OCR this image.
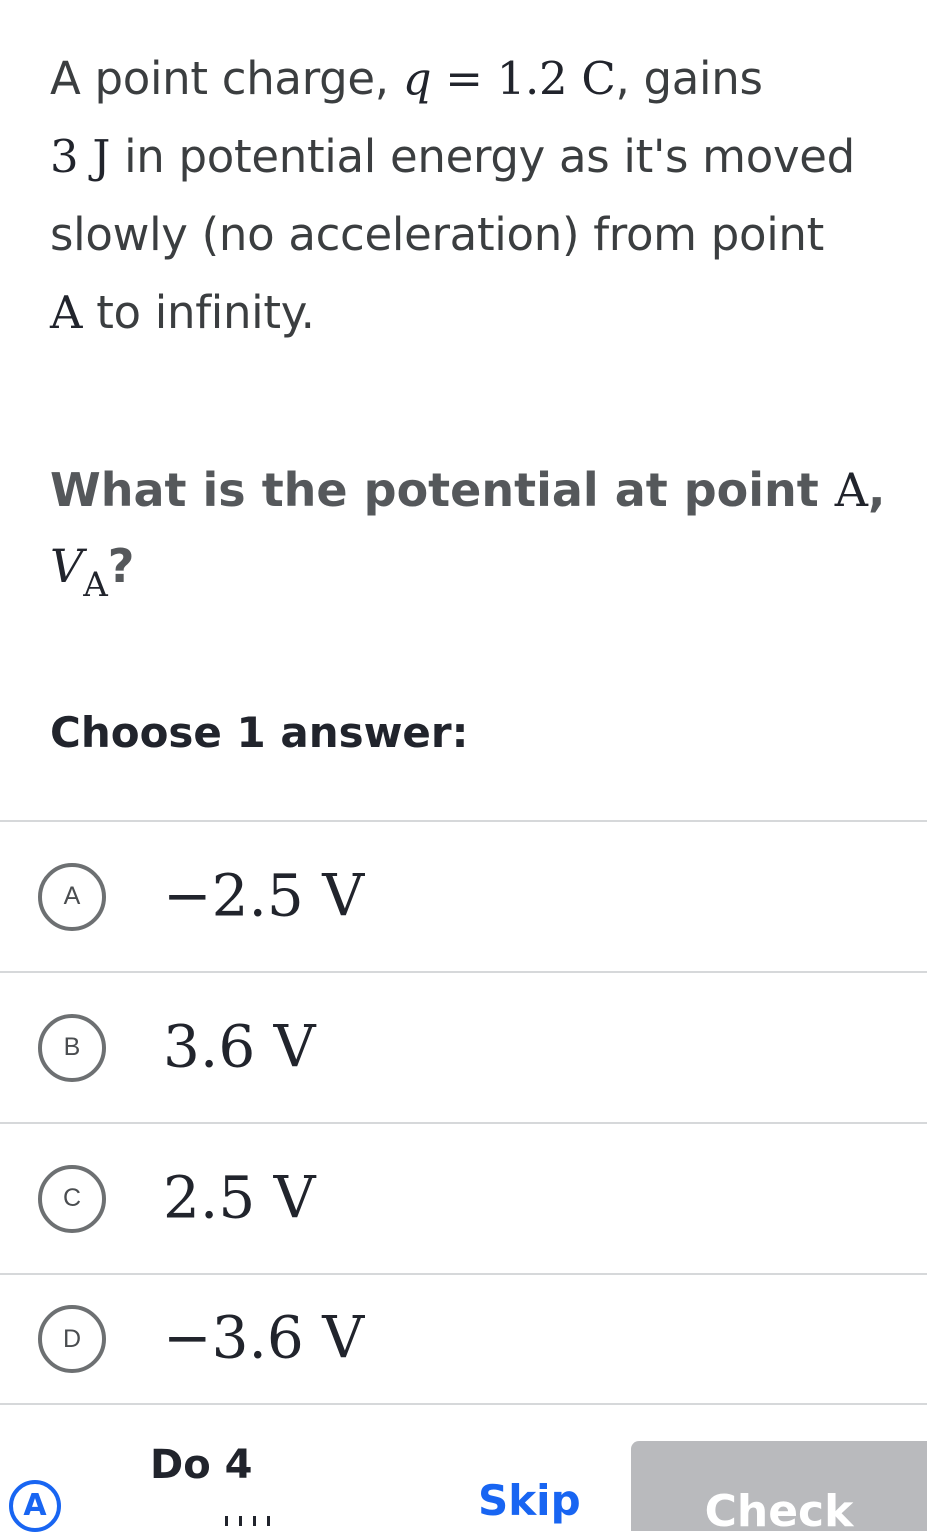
A point charge, q = 1.2 C, gains
3 J in potential energy as it's moved
slowly (no acceleration) from point
A to infinity.
What is the potential at point A,
$V_A$?
Choose 1 answer:
A	−2.5 V
B	3.6 V
C	2.5 V
D	−3.6 V
A
Do 4
Skip	Check
